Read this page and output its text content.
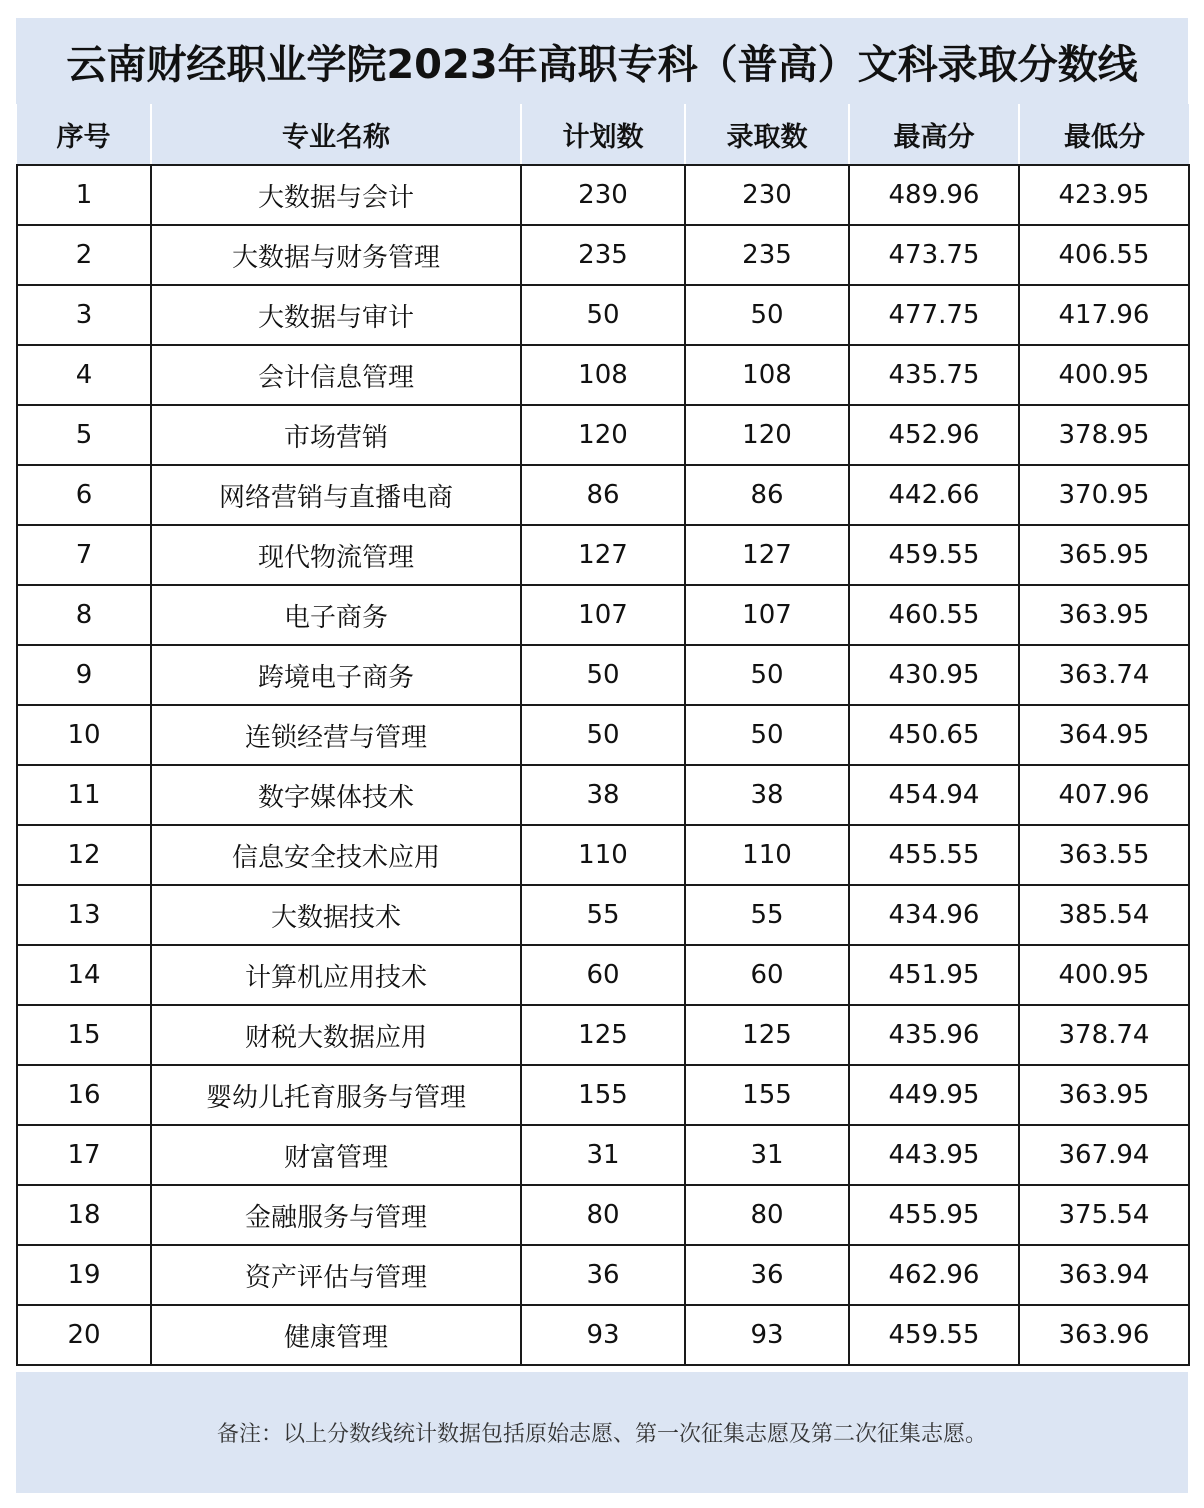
云南财经职业学院2023年高职专科（普高）文科录取分数线
序号	专业名称	计划数	录取数	最高分	最低分
1	大数据与会计	230	230	489.96	423.95
2	大数据与财务管理	235	235	473.75	406.55
3	大数据与审计	50	50	477.75	417.96
4	会计信息管理	108	108	435.75	400.95
5	市场营销	120	120	452.96	378.95
6	网络营销与直播电商	86	86	442.66	370.95
7	现代物流管理	127	127	459.55	365.95
8	电子商务	107	107	460.55	363.95
9	跨境电子商务	50	50	430.95	363.74
10	连锁经营与管理	50	50	450.65	364.95
11	数字媒体技术	38	38	454.94	407.96
12	信息安全技术应用	110	110	455.55	363.55
13	大数据技术	55	55	434.96	385.54
14	计算机应用技术	60	60	451.95	400.95
15	财税大数据应用	125	125	435.96	378.74
16	婴幼儿托育服务与管理	155	155	449.95	363.95
17	财富管理	31	31	443.95	367.94
18	金融服务与管理	80	80	455.95	375.54
19	资产评估与管理	36	36	462.96	363.94
20	健康管理	93	93	459.55	363.96
备注：以上分数线统计数据包括原始志愿、第一次征集志愿及第二次征集志愿。
